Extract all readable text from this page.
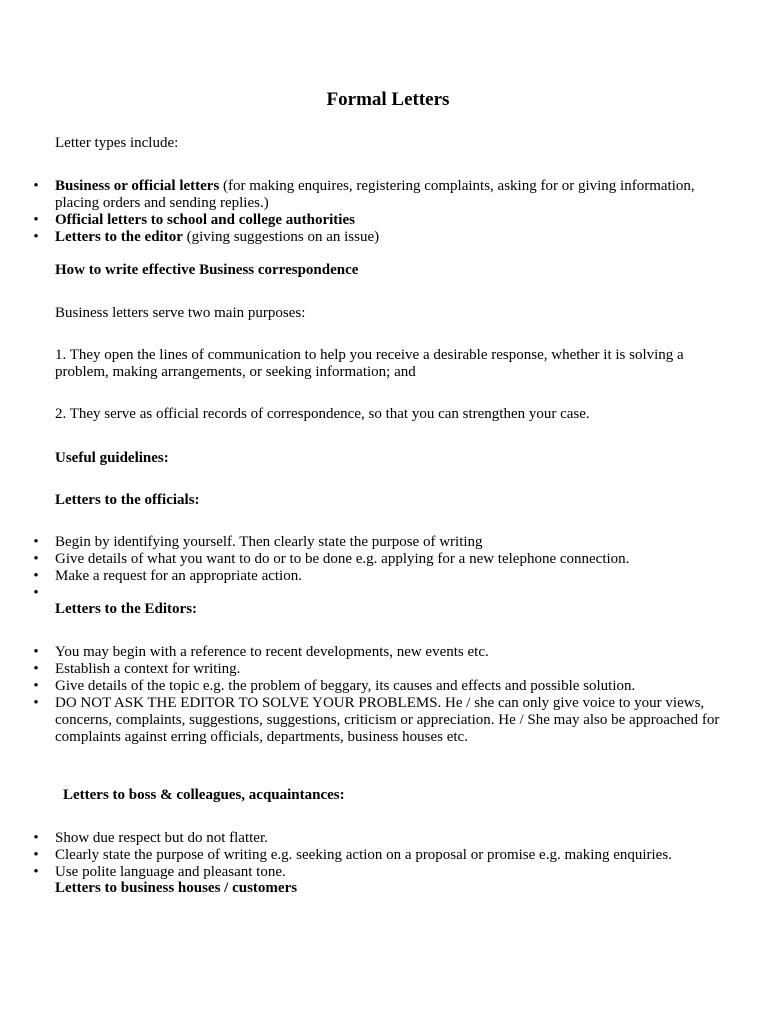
Formal Letters

Letter types include:

•
Business or official letters (for making enquires, registering complaints, asking for or giving information, placing orders and sending replies.)
•
Official letters to school and college authorities
•
Letters to the editor (giving suggestions on an issue)

How to write effective Business correspondence

Business letters serve two main purposes:

1. They open the lines of communication to help you receive a desirable response, whether it is solving a problem, making arrangements, or seeking information; and

2. They serve as official records of correspondence, so that you can strengthen your case.

Useful guidelines:

Letters to the officials:

•
Begin by identifying yourself. Then clearly state the purpose of writing
•
Give details of what you want to do or to be done e.g. applying for a new telephone connection.
•
Make a request for an appropriate action.
•

Letters to the Editors:

•
You may begin with a reference to recent developments, new events etc.
•
Establish a context for writing.
•
Give details of the topic e.g. the problem of beggary, its causes and effects and possible solution.
•
DO NOT ASK THE EDITOR TO SOLVE YOUR PROBLEMS. He / she can only give voice to your views, concerns, complaints, suggestions, suggestions, criticism or appreciation. He / She may also be approached for complaints against erring officials, departments, business houses etc.

Letters to boss & colleagues, acquaintances:

•
Show due respect but do not flatter.
•
Clearly state the purpose of writing e.g. seeking action on a proposal or promise e.g. making enquiries.
•
Use polite language and pleasant tone.

Letters to business houses / customers
